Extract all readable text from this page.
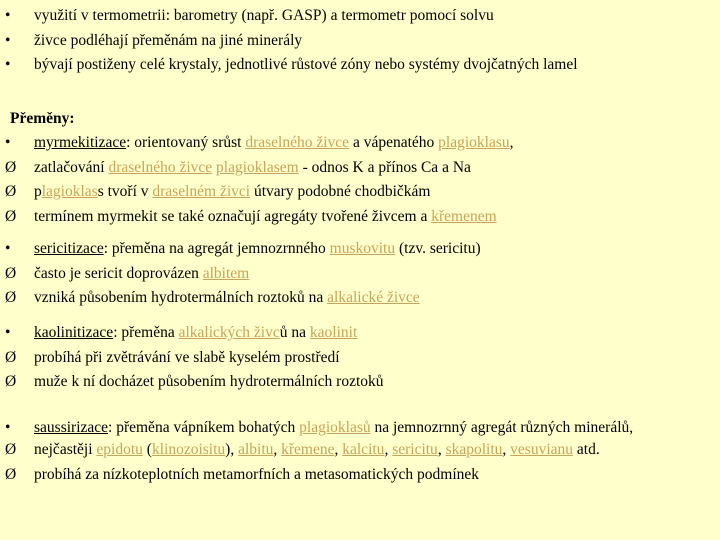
•	využití v termometrii: barometry (např. GASP) a termometr pomocí solvu
•	živce podléhají přeměnám na jiné minerály
•	bývají postiženy celé krystaly, jednotlivé růstové zóny nebo systémy dvojčatných lamel
Přeměny:
•	myrmekitizace: orientovaný srůst draselného živce a vápenatého plagioklasu,
Ø	zatlačování draselného živce plagioklasem - odnos K a přínos Ca a Na
Ø	plagioklass tvoří v draselném živci útvary podobné chodbičkám
Ø	termínem myrmekit se také označují agregáty tvořené živcem a křemenem
•	sericitizace: přeměna na agregát jemnozrnného muskovitu (tzv. sericitu)
Ø	často je sericit doprovázen albitem
Ø	vzniká působením hydrotermálních roztoků na alkalické živce
•	kaolinitizace: přeměna alkalických živců na kaolinit
Ø	probíhá při zvětrávání ve slabě kyselém prostředí
Ø	muže k ní docházet působením hydrotermálních roztoků
•	saussirizace: přeměna vápníkem bohatých plagioklasů na jemnozrnný agregát různých minerálů,
Ø	nejčastěji epidotu (klinozoisitu), albitu, křemene, kalcitu, sericitu, skapolitu, vesuvianu atd.
Ø	probíhá za nízkoteplotních metamorfních a metasomatických podmínek
